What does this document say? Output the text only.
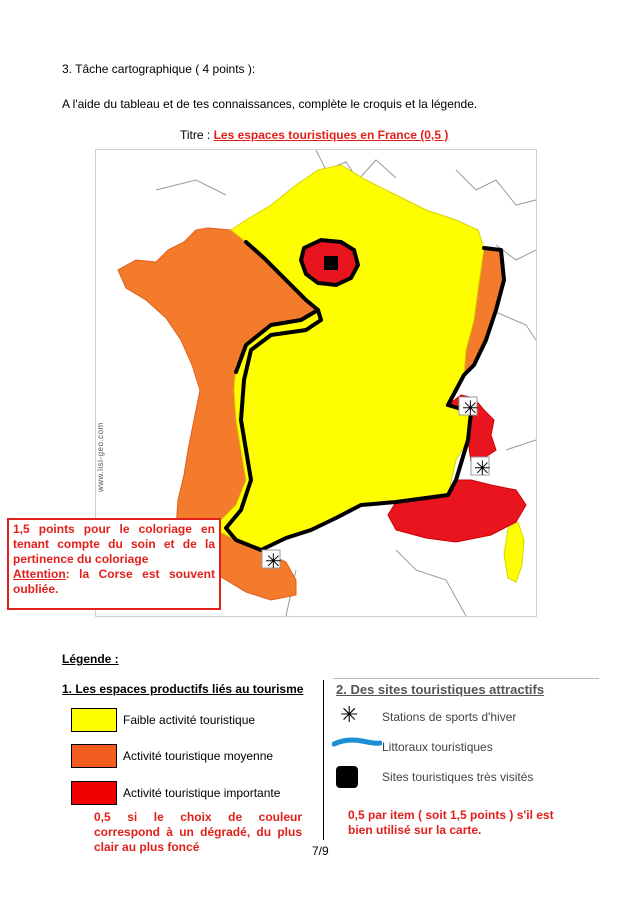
3. Tâche cartographique ( 4 points ):
A l'aide du tableau et de tes connaissances, complète le croquis et la légende.
Titre : Les espaces touristiques en France (0,5 )
✳
✳
✳
www.lisi-geo.com
1,5 points pour le coloriage en tenant compte du soin et de la pertinence du coloriage
Attention: la Corse est souvent oubliée.
Légende :
1. Les espaces productifs liés au tourisme
Faible activité touristique
Activité touristique moyenne
Activité touristique importante
0,5 si le choix de couleur correspond à un dégradé, du plus clair au plus foncé
2. Des sites touristiques attractifs
✳ Stations de sports d'hiver
Littoraux touristiques
Sites touristiques très visités
0,5 par item ( soit 1,5 points ) s'il est bien utilisé sur la carte.
7/9
